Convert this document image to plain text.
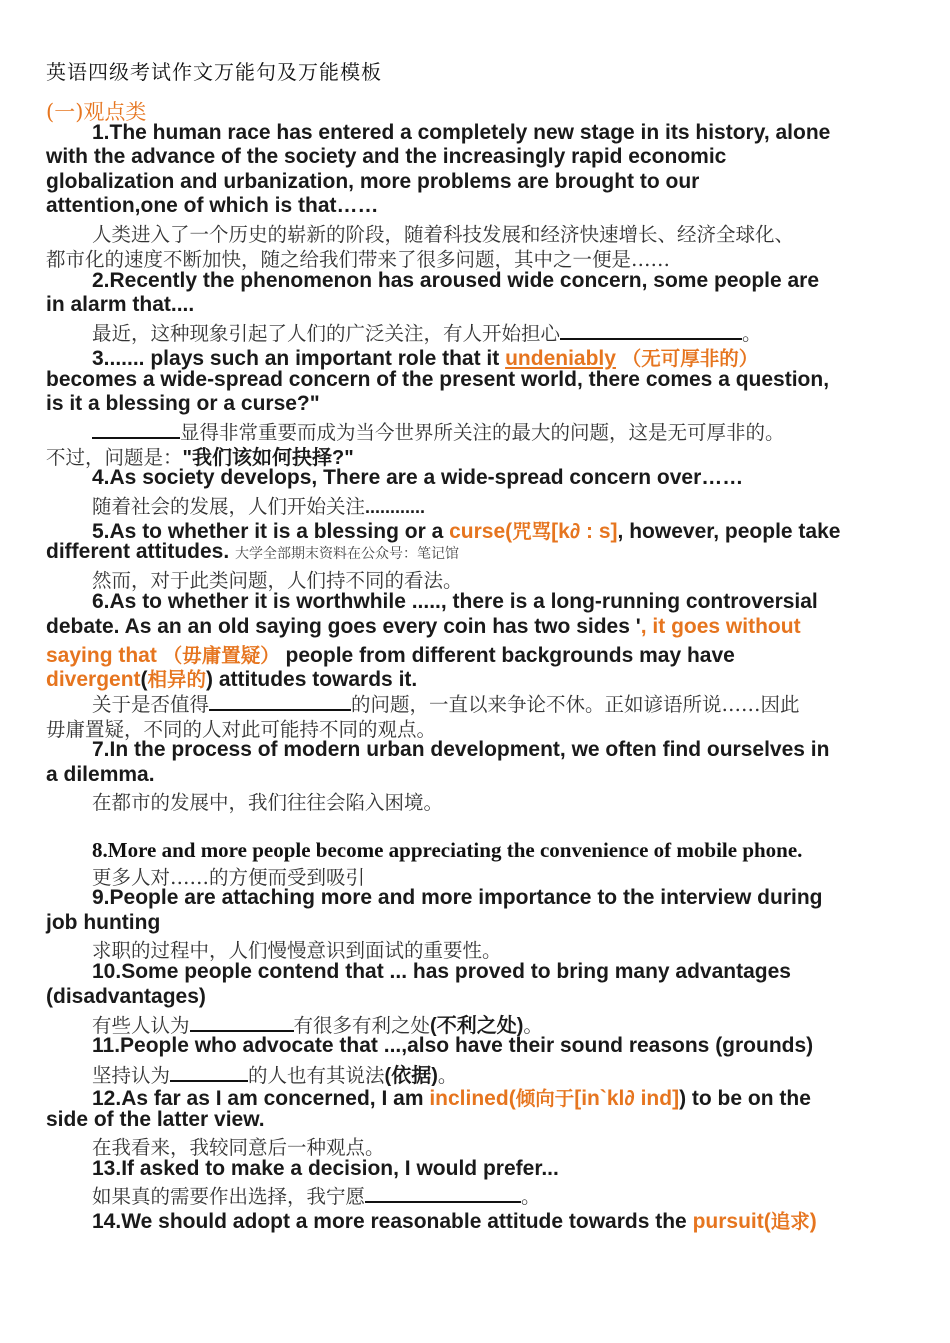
英语四级考试作文万能句及万能模板
(一)观点类
1.The human race has entered a completely new stage in its history, alone
with the advance of the society and the increasingly rapid economic
globalization and urbanization, more problems are brought to our
attention,one of which is that……
人类进入了一个历史的崭新的阶段，随着科技发展和经济快速增长、经济全球化、
都市化的速度不断加快，随之给我们带来了很多问题，其中之一便是……
2.Recently the phenomenon has aroused wide concern, some people are
in alarm that....
最近，这种现象引起了人们的广泛关注，有人开始担心	。
3....... plays such an important role that it undeniably （无可厚非的）
becomes a wide-spread concern of the present world, there comes a question,
is it a blessing or a curse?"
显得非常重要而成为当今世界所关注的最大的问题，这是无可厚非的。
不过，问题是："我们该如何抉择?"
4.As society develops, There are a wide-spread concern over……
随着社会的发展，人们开始关注............
5.As to whether it is a blessing or a curse(咒骂[k∂ : s], however, people take
different attitudes. 大学全部期末资料在公众号：笔记馆
然而，对于此类问题，人们持不同的看法。
6.As to whether it is worthwhile ....., there is a long-running controversial
debate. As an an old saying goes every coin has two sides ', it goes without
saying that （毋庸置疑） people from different backgrounds may have
divergent(相异的) attitudes towards it.
关于是否值得	的问题，一直以来争论不休。正如谚语所说……因此
毋庸置疑，不同的人对此可能持不同的观点。
7.In the process of modern urban development, we often find ourselves in
a dilemma.
在都市的发展中，我们往往会陷入困境。
8.More and more people become appreciating the convenience of mobile phone.
更多人对……的方便而受到吸引
9.People are attaching more and more importance to the interview during
job hunting
求职的过程中，人们慢慢意识到面试的重要性。
10.Some people contend that ... has proved to bring many advantages
(disadvantages)
有些人认为	有很多有利之处(不利之处)。
11.People who advocate that ...,also have their sound reasons (grounds)
坚持认为	的人也有其说法(依据)。
12.As far as I am concerned, I am inclined(倾向于[in`kl∂ ind]) to be on the
side of the latter view.
在我看来，我较同意后一种观点。
13.If asked to make a decision, I would prefer...
如果真的需要作出选择，我宁愿	。
14.We should adopt a more reasonable attitude towards the pursuit(追求)
